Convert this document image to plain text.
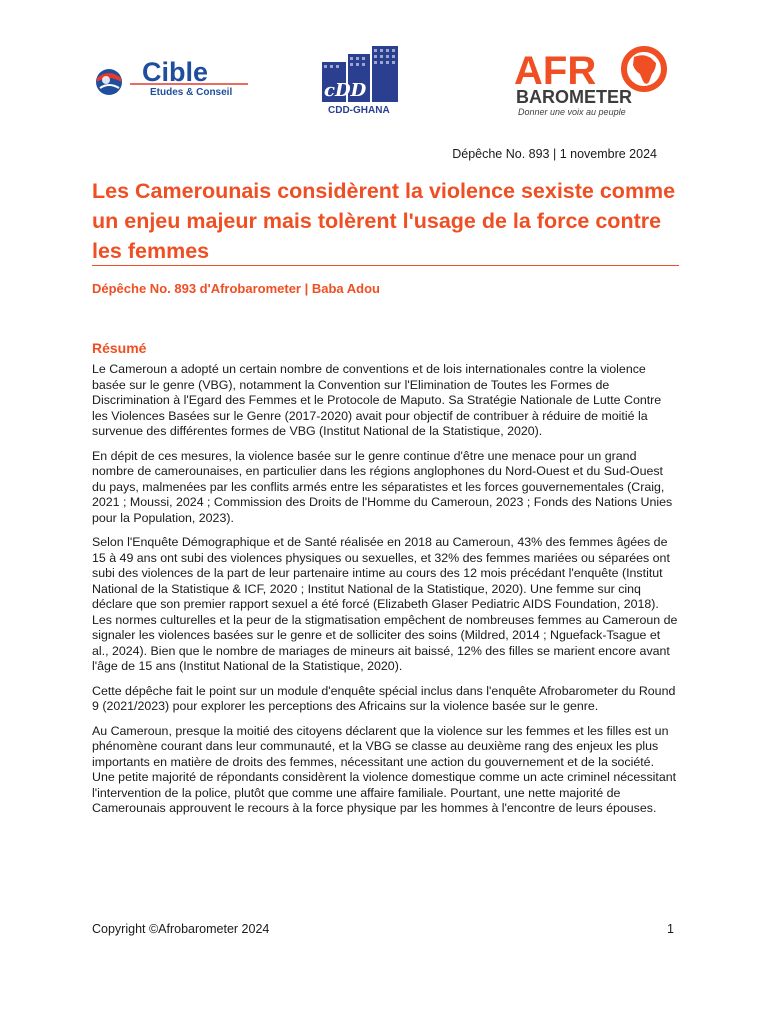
Cible
Etudes & Conseil	cDD
CDD-GHANA
AFR
BAROMETER
Donner une voix au peuple
Dépêche No. 893 | 1 novembre 2024
Les Camerounais considèrent la violence sexiste comme un enjeu majeur mais tolèrent l'usage de la force contre les femmes
Dépêche No. 893 d'Afrobarometer | Baba Adou
Résumé

Le Cameroun a adopté un certain nombre de conventions et de lois internationales contre la violence basée sur le genre (VBG), notamment la Convention sur l'Elimination de Toutes les Formes de Discrimination à l'Egard des Femmes et le Protocole de Maputo. Sa Stratégie Nationale de Lutte Contre les Violences Basées sur le Genre (2017-2020) avait pour objectif de contribuer à réduire de moitié la survenue des différentes formes de VBG (Institut National de la Statistique, 2020).

En dépit de ces mesures, la violence basée sur le genre continue d'être une menace pour un grand nombre de camerounaises, en particulier dans les régions anglophones du Nord-Ouest et du Sud-Ouest du pays, malmenées par les conflits armés entre les séparatistes et les forces gouvernementales (Craig, 2021 ; Moussi, 2024 ; Commission des Droits de l'Homme du Cameroun, 2023 ; Fonds des Nations Unies pour la Population, 2023).

Selon l'Enquête Démographique et de Santé réalisée en 2018 au Cameroun, 43% des femmes âgées de 15 à 49 ans ont subi des violences physiques ou sexuelles, et 32% des femmes mariées ou séparées ont subi des violences de la part de leur partenaire intime au cours des 12 mois précédant l'enquête (Institut National de la Statistique & ICF, 2020 ; Institut National de la Statistique, 2020). Une femme sur cinq déclare que son premier rapport sexuel a été forcé (Elizabeth Glaser Pediatric AIDS Foundation, 2018). Les normes culturelles et la peur de la stigmatisation empêchent de nombreuses femmes au Cameroun de signaler les violences basées sur le genre et de solliciter des soins (Mildred, 2014 ; Nguefack-Tsague et al., 2024). Bien que le nombre de mariages de mineurs ait baissé, 12% des filles se marient encore avant l'âge de 15 ans (Institut National de la Statistique, 2020).

Cette dépêche fait le point sur un module d'enquête spécial inclus dans l'enquête Afrobarometer du Round 9 (2021/2023) pour explorer les perceptions des Africains sur la violence basée sur le genre.

Au Cameroun, presque la moitié des citoyens déclarent que la violence sur les femmes et les filles est un phénomène courant dans leur communauté, et la VBG se classe au deuxième rang des enjeux les plus importants en matière de droits des femmes, nécessitant une action du gouvernement et de la société. Une petite majorité de répondants considèrent la violence domestique comme un acte criminel nécessitant l'intervention de la police, plutôt que comme une affaire familiale. Pourtant, une nette majorité de Camerounais approuvent le recours à la force physique par les hommes à l'encontre de leurs épouses.

Copyright ©Afrobarometer 2024	1
